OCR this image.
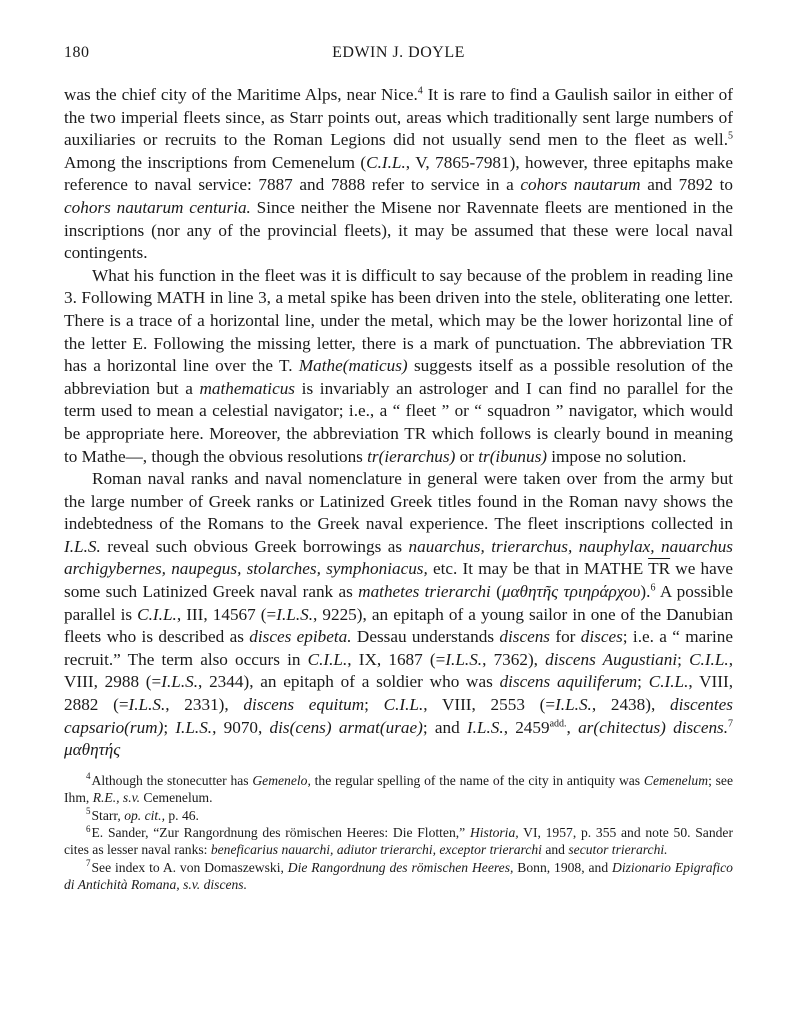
180	EDWIN J. DOYLE

was the chief city of the Maritime Alps, near Nice.$^4$ It is rare to find a Gaulish sailor in either of the two imperial fleets since, as Starr points out, areas which traditionally sent large numbers of auxiliaries or recruits to the Roman Legions did not usually send men to the fleet as well.$^5$ Among the inscriptions from Cemenelum (C.I.L., V, 7865-7981), however, three epitaphs make reference to naval service: 7887 and 7888 refer to service in a cohors nautarum and 7892 to cohors nautarum centuria. Since neither the Misene nor Ravennate fleets are mentioned in the inscriptions (nor any of the provincial fleets), it may be assumed that these were local naval contingents.

What his function in the fleet was it is difficult to say because of the problem in reading line 3. Following MATH in line 3, a metal spike has been driven into the stele, obliterating one letter. There is a trace of a horizontal line, under the metal, which may be the lower horizontal line of the letter E. Following the missing letter, there is a mark of punctuation. The abbreviation TR has a horizontal line over the T. Mathe(maticus) suggests itself as a possible resolution of the abbreviation but a mathematicus is invariably an astrologer and I can find no parallel for the term used to mean a celestial navigator; i.e., a “ fleet ” or “ squadron ” navigator, which would be appropriate here. Moreover, the abbreviation TR which follows is clearly bound in meaning to Mathe—, though the obvious resolutions tr(ierarchus) or tr(ibunus) impose no solution.

Roman naval ranks and naval nomenclature in general were taken over from the army but the large number of Greek ranks or Latinized Greek titles found in the Roman navy shows the indebtedness of the Romans to the Greek naval experience. The fleet inscriptions collected in I.L.S. reveal such obvious Greek borrowings as nauarchus, trierarchus, nauphylax, nauarchus archigybernes, naupegus, stolarches, symphoniacus, etc. It may be that in MATHE $\overline{TR}$ we have some such Latinized Greek naval rank as mathetes trierarchi (μαθητῆς τριηράρχου).$^6$ A possible parallel is C.I.L., III, 14567 (=I.L.S., 9225), an epitaph of a young sailor in one of the Danubian fleets who is described as disces epibeta. Dessau understands discens for disces; i.e. a “ marine recruit.” The term also occurs in C.I.L., IX, 1687 (=I.L.S., 7362), discens Augustiani; C.I.L., VIII, 2988 (=I.L.S., 2344), an epitaph of a soldier who was discens aquiliferum; C.I.L., VIII, 2882 (=I.L.S., 2331), discens equitum; C.I.L., VIII, 2553 (=I.L.S., 2438), discentes capsario(rum); I.L.S., 9070, dis(cens) armat(urae); and I.L.S., 2459$^{add.}$, ar(chitectus) discens.$^7$ μαθητής

$^4$Although the stonecutter has Gemenelo, the regular spelling of the name of the city in antiquity was Cemenelum; see Ihm, R.E., s.v. Cemenelum.

$^5$Starr, op. cit., p. 46.

$^6$E. Sander, “Zur Rangordnung des römischen Heeres: Die Flotten,” Historia, VI, 1957, p. 355 and note 50. Sander cites as lesser naval ranks: beneficarius nauarchi, adiutor trierarchi, exceptor trierarchi and secutor trierarchi.

$^7$See index to A. von Domaszewski, Die Rangordnung des römischen Heeres, Bonn, 1908, and Dizionario Epigrafico di Antichità Romana, s.v. discens.
